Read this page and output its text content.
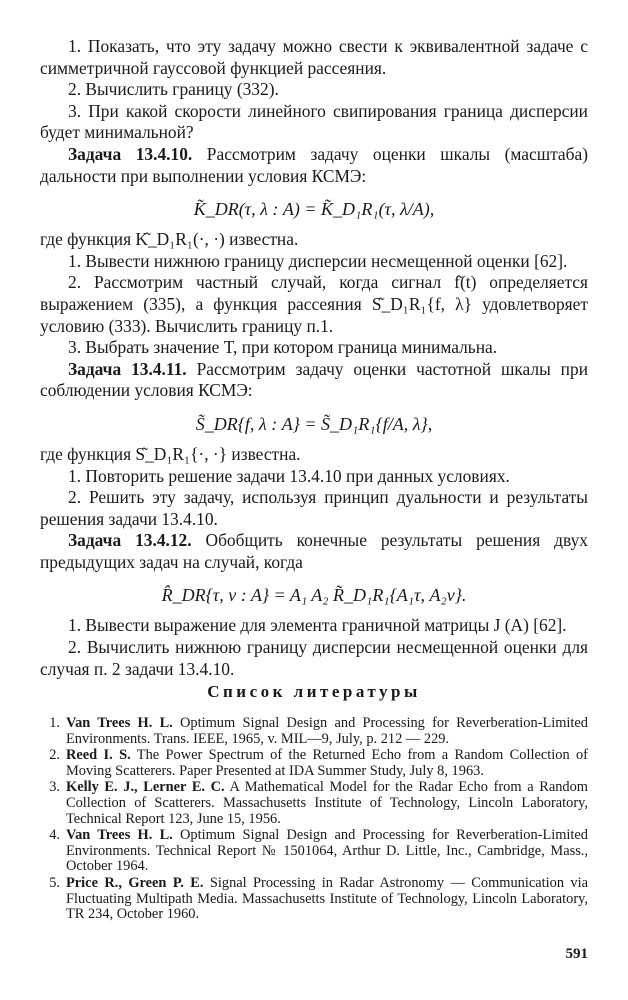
1. Показать, что эту задачу можно свести к эквивалентной задаче с симметричной гауссовой функцией рассеяния.

2. Вычислить границу (332).

3. При какой скорости линейного свипирования граница дисперсии будет минимальной?

Задача 13.4.10. Рассмотрим задачу оценки шкалы (масштаба) дальности при выполнении условия КСМЭ:

K͂_DR(τ, λ : A) = K͂_D₁R₁(τ, λ/A),

где функция K͂_D₁R₁(·, ·) известна.

1. Вывести нижнюю границу дисперсии несмещенной оценки [62].

2. Рассмотрим частный случай, когда сигнал f͂(t) определяется выражением (335), а функция рассеяния S͂_D₁R₁{f, λ} удовлетворяет условию (333). Вычислить границу п.1.

3. Выбрать значение T, при котором граница минимальна.

Задача 13.4.11. Рассмотрим задачу оценки частотной шкалы при соблюдении условия КСМЭ:

S͂_DR{f, λ : A} = S͂_D₁R₁{f/A, λ},

где функция S͂_D₁R₁{·, ·} известна.

1. Повторить решение задачи 13.4.10 при данных условиях.

2. Решить эту задачу, используя принцип дуальности и результаты решения задачи 13.4.10.

Задача 13.4.12. Обобщить конечные результаты решения двух предыдущих задач на случай, когда

R̂_DR{τ, v : A} = A₁ A₂ R͂_D₁R₁{A₁τ, A₂v}.

1. Вывести выражение для элемента граничной матрицы J (A) [62].

2. Вычислить нижнюю границу дисперсии несмещенной оценки для случая п. 2 задачи 13.4.10.

Список литературы
1. Van Trees H. L. Optimum Signal Design and Processing for Reverberation-Limited Environments. Trans. IEEE, 1965, v. MIL—9, July, p. 212 — 229.
2. Reed I. S. The Power Spectrum of the Returned Echo from a Random Collection of Moving Scatterers. Paper Presented at IDA Summer Study, July 8, 1963.
3. Kelly E. J., Lerner E. C. A Mathematical Model for the Radar Echo from a Random Collection of Scatterers. Massachusetts Institute of Technology, Lincoln Laboratory, Technical Report 123, June 15, 1956.
4. Van Trees H. L. Optimum Signal Design and Processing for Reverberation-Limited Environments. Technical Report № 1501064, Arthur D. Little, Inc., Cambridge, Mass., October 1964.
5. Price R., Green P. E. Signal Processing in Radar Astronomy — Communication via Fluctuating Multipath Media. Massachusetts Institute of Technology, Lincoln Laboratory, TR 234, October 1960.
591
